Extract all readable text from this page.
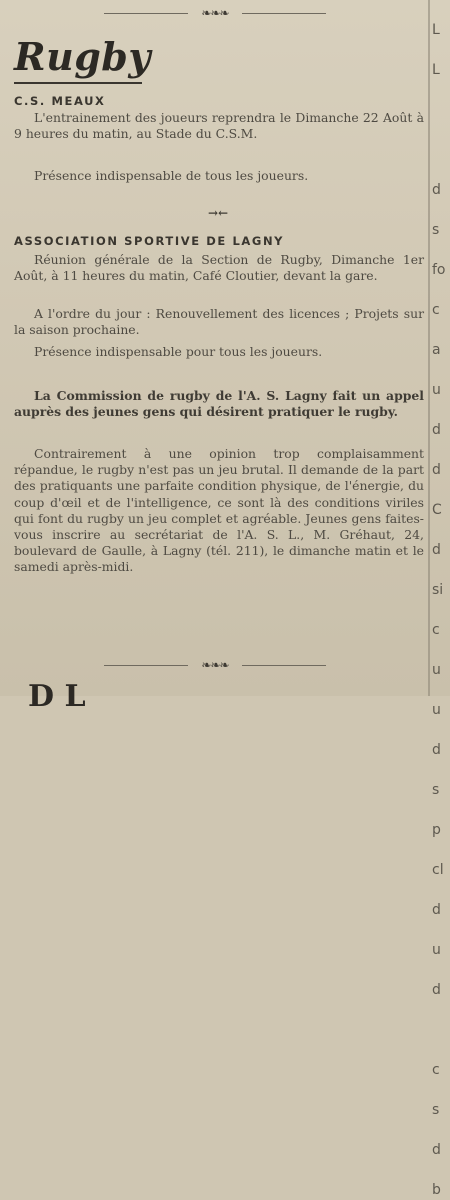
L

L

d

s

fo

c

a

u

d

d

C

d

si

c

u

u

d

s

p

cl

d

u

d

c

s

d

b
❧❧❧
Rugby
C.S. MEAUX
L'entrainement des joueurs reprendra le Dimanche 22 Août à 9 heures du matin, au Stade du C.S.M.
Présence indispensable de tous les joueurs.
→←
ASSOCIATION SPORTIVE DE LAGNY
Réunion générale de la Section de Rugby, Dimanche 1er Août, à 11 heures du matin, Café Cloutier, devant la gare.
A l'ordre du jour : Renouvellement des licences ; Projets sur la saison prochaine.
Présence indispensable pour tous les joueurs.
La Commission de rugby de l'A. S. Lagny fait un appel auprès des jeunes gens qui désirent pratiquer le rugby.
Contrairement à une opinion trop complaisamment répandue, le rugby n'est pas un jeu brutal. Il demande de la part des pratiquants une parfaite condition physique, de l'énergie, du coup d'œil et de l'intelligence, ce sont là des conditions viriles qui font du rugby un jeu complet et agréable. Jeunes gens faites-vous inscrire au secrétariat de l'A. S. L., M. Gréhaut, 24, boulevard de Gaulle, à Lagny (tél. 211), le dimanche matin et le samedi après-midi.
❧❧❧
D L
